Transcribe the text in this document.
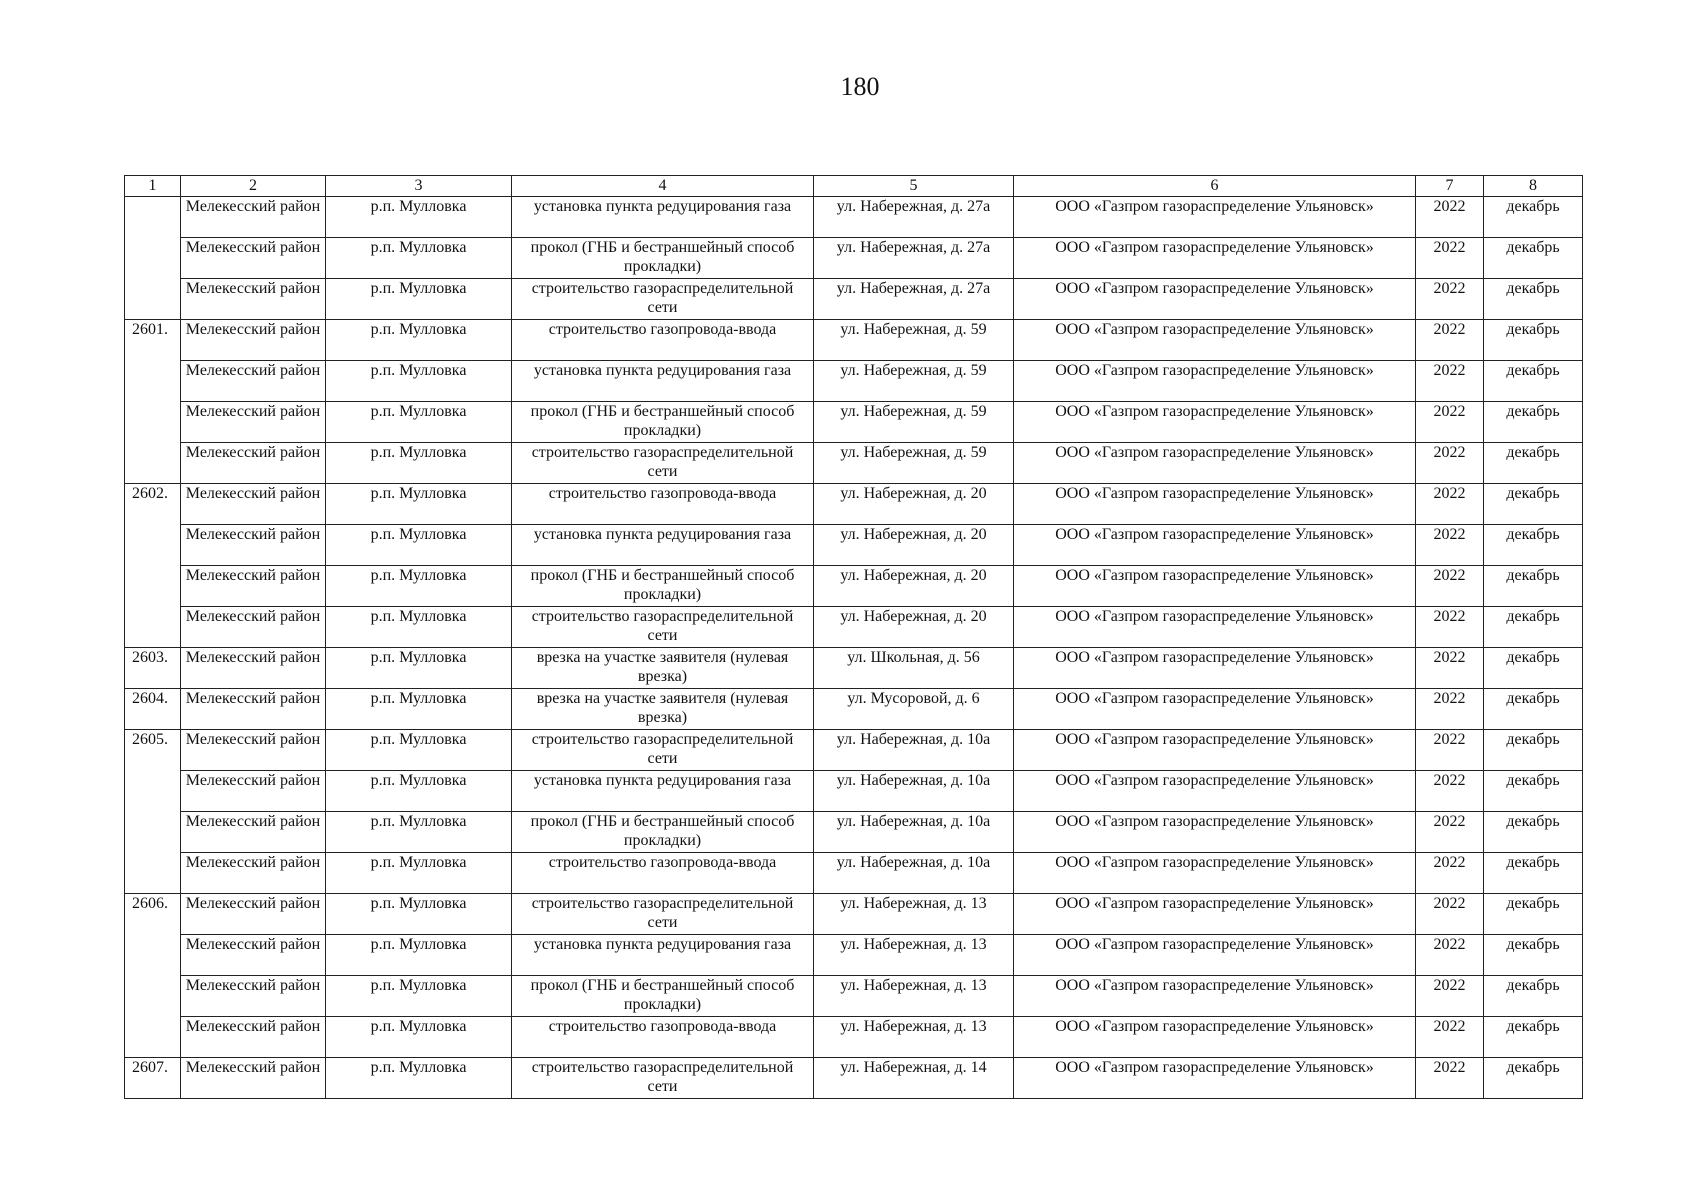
180
1	2	3	4	5	6	7	8
	Мелекесский район	р.п. Мулловка	установка пункта редуцирования газа	ул. Набережная, д. 27а	ООО «Газпром газораспределение Ульяновск»	2022	декабрь
	Мелекесский район	р.п. Мулловка	прокол (ГНБ и бестраншейный способ прокладки)	ул. Набережная, д. 27а	ООО «Газпром газораспределение Ульяновск»	2022	декабрь
	Мелекесский район	р.п. Мулловка	строительство газораспределительной сети	ул. Набережная, д. 27а	ООО «Газпром газораспределение Ульяновск»	2022	декабрь
2601.	Мелекесский район	р.п. Мулловка	строительство газопровода-ввода	ул. Набережная, д. 59	ООО «Газпром газораспределение Ульяновск»	2022	декабрь
	Мелекесский район	р.п. Мулловка	установка пункта редуцирования газа	ул. Набережная, д. 59	ООО «Газпром газораспределение Ульяновск»	2022	декабрь
	Мелекесский район	р.п. Мулловка	прокол (ГНБ и бестраншейный способ прокладки)	ул. Набережная, д. 59	ООО «Газпром газораспределение Ульяновск»	2022	декабрь
	Мелекесский район	р.п. Мулловка	строительство газораспределительной сети	ул. Набережная, д. 59	ООО «Газпром газораспределение Ульяновск»	2022	декабрь
2602.	Мелекесский район	р.п. Мулловка	строительство газопровода-ввода	ул. Набережная, д. 20	ООО «Газпром газораспределение Ульяновск»	2022	декабрь
	Мелекесский район	р.п. Мулловка	установка пункта редуцирования газа	ул. Набережная, д. 20	ООО «Газпром газораспределение Ульяновск»	2022	декабрь
	Мелекесский район	р.п. Мулловка	прокол (ГНБ и бестраншейный способ прокладки)	ул. Набережная, д. 20	ООО «Газпром газораспределение Ульяновск»	2022	декабрь
	Мелекесский район	р.п. Мулловка	строительство газораспределительной сети	ул. Набережная, д. 20	ООО «Газпром газораспределение Ульяновск»	2022	декабрь
2603.	Мелекесский район	р.п. Мулловка	врезка на участке заявителя (нулевая врезка)	ул. Школьная, д. 56	ООО «Газпром газораспределение Ульяновск»	2022	декабрь
2604.	Мелекесский район	р.п. Мулловка	врезка на участке заявителя (нулевая врезка)	ул. Мусоровой, д. 6	ООО «Газпром газораспределение Ульяновск»	2022	декабрь
2605.	Мелекесский район	р.п. Мулловка	строительство газораспределительной сети	ул. Набережная, д. 10а	ООО «Газпром газораспределение Ульяновск»	2022	декабрь
	Мелекесский район	р.п. Мулловка	установка пункта редуцирования газа	ул. Набережная, д. 10а	ООО «Газпром газораспределение Ульяновск»	2022	декабрь
	Мелекесский район	р.п. Мулловка	прокол (ГНБ и бестраншейный способ прокладки)	ул. Набережная, д. 10а	ООО «Газпром газораспределение Ульяновск»	2022	декабрь
	Мелекесский район	р.п. Мулловка	строительство газопровода-ввода	ул. Набережная, д. 10а	ООО «Газпром газораспределение Ульяновск»	2022	декабрь
2606.	Мелекесский район	р.п. Мулловка	строительство газораспределительной сети	ул. Набережная, д. 13	ООО «Газпром газораспределение Ульяновск»	2022	декабрь
	Мелекесский район	р.п. Мулловка	установка пункта редуцирования газа	ул. Набережная, д. 13	ООО «Газпром газораспределение Ульяновск»	2022	декабрь
	Мелекесский район	р.п. Мулловка	прокол (ГНБ и бестраншейный способ прокладки)	ул. Набережная, д. 13	ООО «Газпром газораспределение Ульяновск»	2022	декабрь
	Мелекесский район	р.п. Мулловка	строительство газопровода-ввода	ул. Набережная, д. 13	ООО «Газпром газораспределение Ульяновск»	2022	декабрь
2607.	Мелекесский район	р.п. Мулловка	строительство газораспределительной сети	ул. Набережная, д. 14	ООО «Газпром газораспределение Ульяновск»	2022	декабрь
